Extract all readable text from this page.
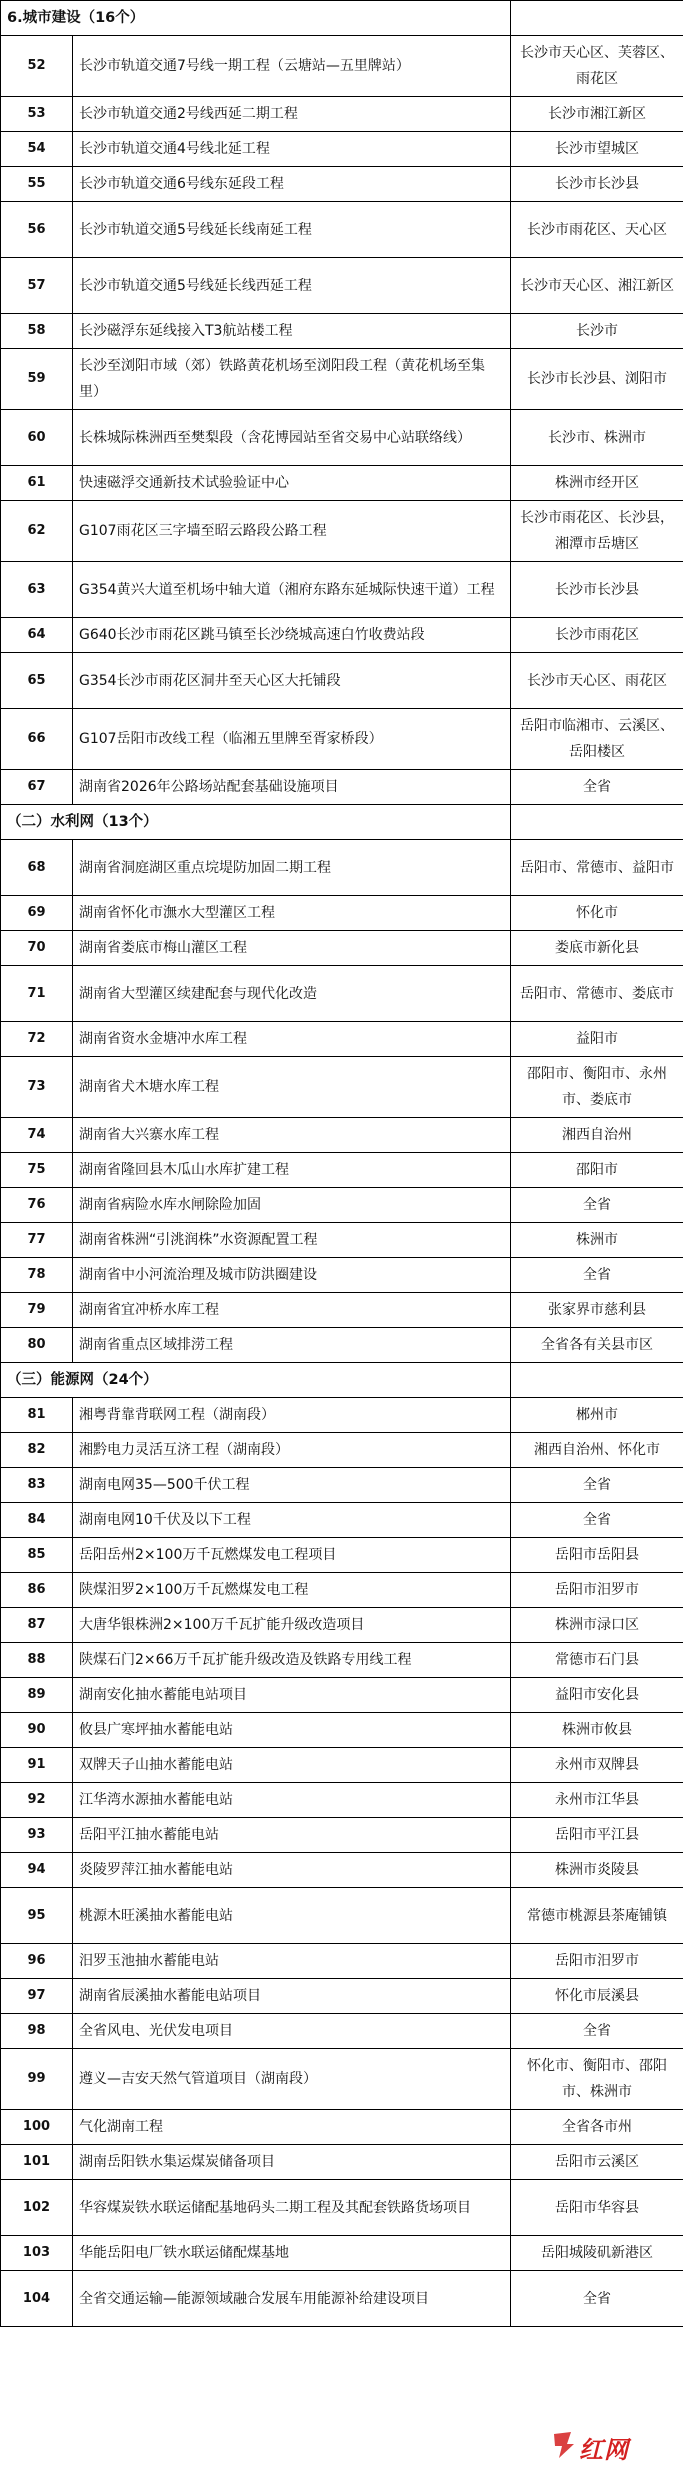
6.城市建设（16个）		
52	长沙市轨道交通7号线一期工程（云塘站—五里牌站）	长沙市天心区、芙蓉区、雨花区
53	长沙市轨道交通2号线西延二期工程	长沙市湘江新区
54	长沙市轨道交通4号线北延工程	长沙市望城区
55	长沙市轨道交通6号线东延段工程	长沙市长沙县
56	长沙市轨道交通5号线延长线南延工程	长沙市雨花区、天心区
57	长沙市轨道交通5号线延长线西延工程	长沙市天心区、湘江新区
58	长沙磁浮东延线接入T3航站楼工程	长沙市
59	长沙至浏阳市域（郊）铁路黄花机场至浏阳段工程（黄花机场至集里）	长沙市长沙县、浏阳市
60	长株城际株洲西至樊梨段（含花博园站至省交易中心站联络线）	长沙市、株洲市
61	快速磁浮交通新技术试验验证中心	株洲市经开区
62	G107雨花区三字墙至昭云路段公路工程	长沙市雨花区、长沙县，湘潭市岳塘区
63	G354黄兴大道至机场中轴大道（湘府东路东延城际快速干道）工程	长沙市长沙县
64	G640长沙市雨花区跳马镇至长沙绕城高速白竹收费站段	长沙市雨花区
65	G354长沙市雨花区洞井至天心区大托铺段	长沙市天心区、雨花区
66	G107岳阳市改线工程（临湘五里牌至胥家桥段）	岳阳市临湘市、云溪区、岳阳楼区
67	湖南省2026年公路场站配套基础设施项目	全省
（二）水利网（13个）		
68	湖南省洞庭湖区重点垸堤防加固二期工程	岳阳市、常德市、益阳市
69	湖南省怀化市潕水大型灌区工程	怀化市
70	湖南省娄底市梅山灌区工程	娄底市新化县
71	湖南省大型灌区续建配套与现代化改造	岳阳市、常德市、娄底市
72	湖南省资水金塘冲水库工程	益阳市
73	湖南省犬木塘水库工程	邵阳市、衡阳市、永州市、娄底市
74	湖南省大兴寨水库工程	湘西自治州
75	湖南省隆回县木瓜山水库扩建工程	邵阳市
76	湖南省病险水库水闸除险加固	全省
77	湖南省株洲“引洮润株”水资源配置工程	株洲市
78	湖南省中小河流治理及城市防洪圈建设	全省
79	湖南省宜冲桥水库工程	张家界市慈利县
80	湖南省重点区域排涝工程	全省各有关县市区
（三）能源网（24个）		
81	湘粤背靠背联网工程（湖南段）	郴州市
82	湘黔电力灵活互济工程（湖南段）	湘西自治州、怀化市
83	湖南电网35—500千伏工程	全省
84	湖南电网10千伏及以下工程	全省
85	岳阳岳州2×100万千瓦燃煤发电工程项目	岳阳市岳阳县
86	陕煤汨罗2×100万千瓦燃煤发电工程	岳阳市汨罗市
87	大唐华银株洲2×100万千瓦扩能升级改造项目	株洲市渌口区
88	陕煤石门2×66万千瓦扩能升级改造及铁路专用线工程	常德市石门县
89	湖南安化抽水蓄能电站项目	益阳市安化县
90	攸县广寒坪抽水蓄能电站	株洲市攸县
91	双牌天子山抽水蓄能电站	永州市双牌县
92	江华湾水源抽水蓄能电站	永州市江华县
93	岳阳平江抽水蓄能电站	岳阳市平江县
94	炎陵罗萍江抽水蓄能电站	株洲市炎陵县
95	桃源木旺溪抽水蓄能电站	常德市桃源县茶庵铺镇
96	汨罗玉池抽水蓄能电站	岳阳市汨罗市
97	湖南省辰溪抽水蓄能电站项目	怀化市辰溪县
98	全省风电、光伏发电项目	全省
99	遵义—吉安天然气管道项目（湖南段）	怀化市、衡阳市、邵阳市、株洲市
100	气化湖南工程	全省各市州
101	湖南岳阳铁水集运煤炭储备项目	岳阳市云溪区
102	华容煤炭铁水联运储配基地码头二期工程及其配套铁路货场项目	岳阳市华容县
103	华能岳阳电厂铁水联运储配煤基地	岳阳城陵矶新港区
104	全省交通运输—能源领域融合发展车用能源补给建设项目	全省
红网
